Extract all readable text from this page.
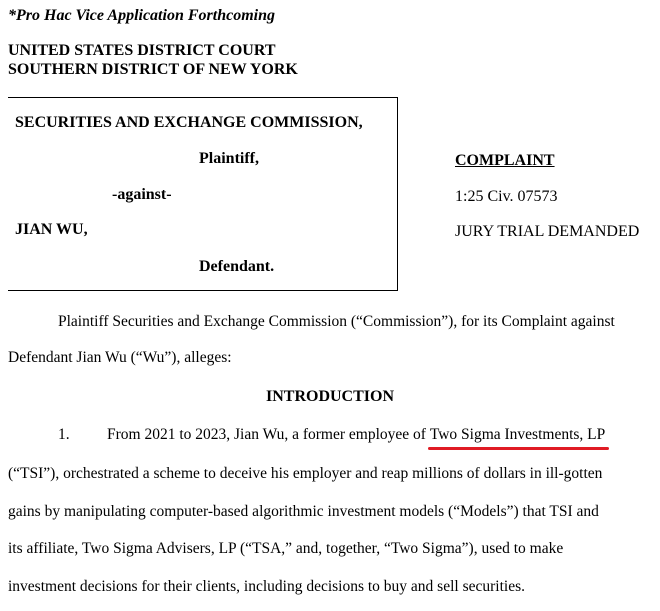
*Pro Hac Vice Application Forthcoming
UNITED STATES DISTRICT COURT
SOUTHERN DISTRICT OF NEW YORK
SECURITIES AND EXCHANGE COMMISSION,
Plaintiff,
-against-
JIAN WU,
Defendant.
COMPLAINT
1:25 Civ. 07573
JURY TRIAL DEMANDED
Plaintiff Securities and Exchange Commission (“Commission”), for its Complaint against
Defendant Jian Wu (“Wu”), alleges:
INTRODUCTION
1. From 2021 to 2023, Jian Wu, a former employee of Two Sigma Investments, LP
(“TSI”), orchestrated a scheme to deceive his employer and reap millions of dollars in ill-gotten
gains by manipulating computer-based algorithmic investment models (“Models”) that TSI and
its affiliate, Two Sigma Advisers, LP (“TSA,” and, together, “Two Sigma”), used to make
investment decisions for their clients, including decisions to buy and sell securities.
